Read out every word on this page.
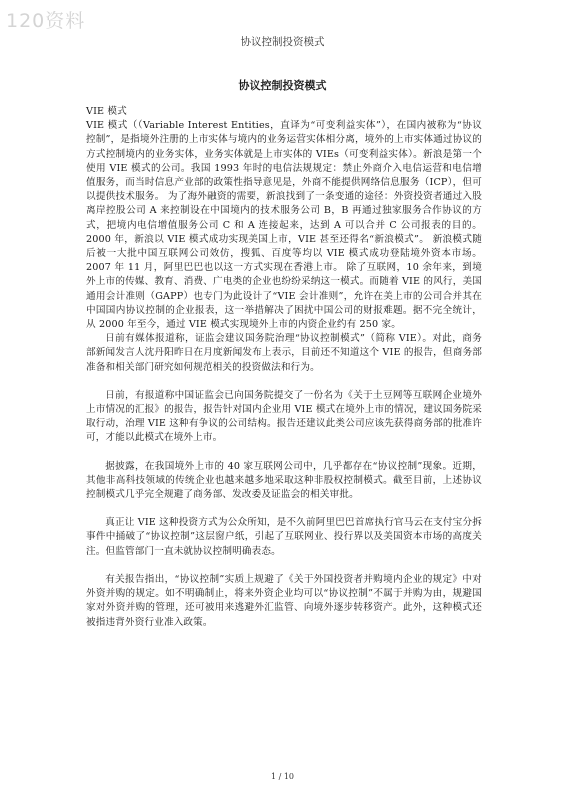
120资料
协议控制投资模式
协议控制投资模式

VIE 模式

VIE 模式（（Variable Interest Entities，直译为“可变利益实体”），在国内被称为“协议控制”，是指境外注册的上市实体与境内的业务运营实体相分离，境外的上市实体通过协议的方式控制境内的业务实体，业务实体就是上市实体的 VIEs（可变利益实体）。新浪是第一个使用 VIE 模式的公司。我国 1993 年时的电信法规规定：禁止外商介入电信运营和电信增值服务，而当时信息产业部的政策性指导意见是，外商不能提供网络信息服务（ICP），但可以提供技术服务。 为了海外融资的需要，新浪找到了一条变通的途径：外资投资者通过入股离岸控股公司 A 来控制设在中国境内的技术服务公司 B，B 再通过独家服务合作协议的方式，把境内电信增值服务公司 C 和 A 连接起来，达到 A 可以合并 C 公司报表的目的。 2000 年，新浪以 VIE 模式成功实现美国上市，VIE 甚至还得名“新浪模式”。 新浪模式随后被一大批中国互联网公司效仿，搜狐、百度等均以 VIE 模式成功登陆境外资本市场。2007 年 11 月，阿里巴巴也以这一方式实现在香港上市。 除了互联网，10 余年来，到境外上市的传媒、教育、消费、广电类的企业也纷纷采纳这一模式。而随着 VIE 的风行，美国通用会计准则（GAPP）也专门为此设计了“VIE 会计准则”，允许在美上市的公司合并其在中国国内协议控制的企业报表，这一举措解决了困扰中国公司的财报难题。据不完全统计，从 2000 年至今，通过 VIE 模式实现境外上市的内资企业约有 250 家。

日前有媒体报道称，证监会建议国务院治理“协议控制模式”（简称 VIE）。对此，商务部新闻发言人沈丹阳昨日在月度新闻发布上表示，目前还不知道这个 VIE 的报告，但商务部准备和相关部门研究如何规范相关的投资做法和行为。

日前，有报道称中国证监会已向国务院提交了一份名为《关于土豆网等互联网企业境外上市情况的汇报》的报告，报告针对国内企业用 VIE 模式在境外上市的情况，建议国务院采取行动，治理 VIE 这种有争议的公司结构。报告还建议此类公司应该先获得商务部的批准许可，才能以此模式在境外上市。

据披露，在我国境外上市的 40 家互联网公司中，几乎都存在“协议控制”现象。近期，其他非高科技领域的传统企业也越来越多地采取这种非股权控制模式。截至目前，上述协议控制模式几乎完全规避了商务部、发改委及证监会的相关审批。

真正让 VIE 这种投资方式为公众所知，是不久前阿里巴巴首席执行官马云在支付宝分拆事件中捅破了“协议控制”这层窗户纸，引起了互联网业、投行界以及美国资本市场的高度关注。但监管部门一直未就协议控制明确表态。

有关报告指出，“协议控制”实质上规避了《关于外国投资者并购境内企业的规定》中对外资并购的规定。如不明确制止，将来外资企业均可以“协议控制”不属于并购为由，规避国家对外资并购的管理，还可被用来逃避外汇监管、向境外逐步转移资产。此外，这种模式还被指违背外资行业准入政策。

1 / 10
